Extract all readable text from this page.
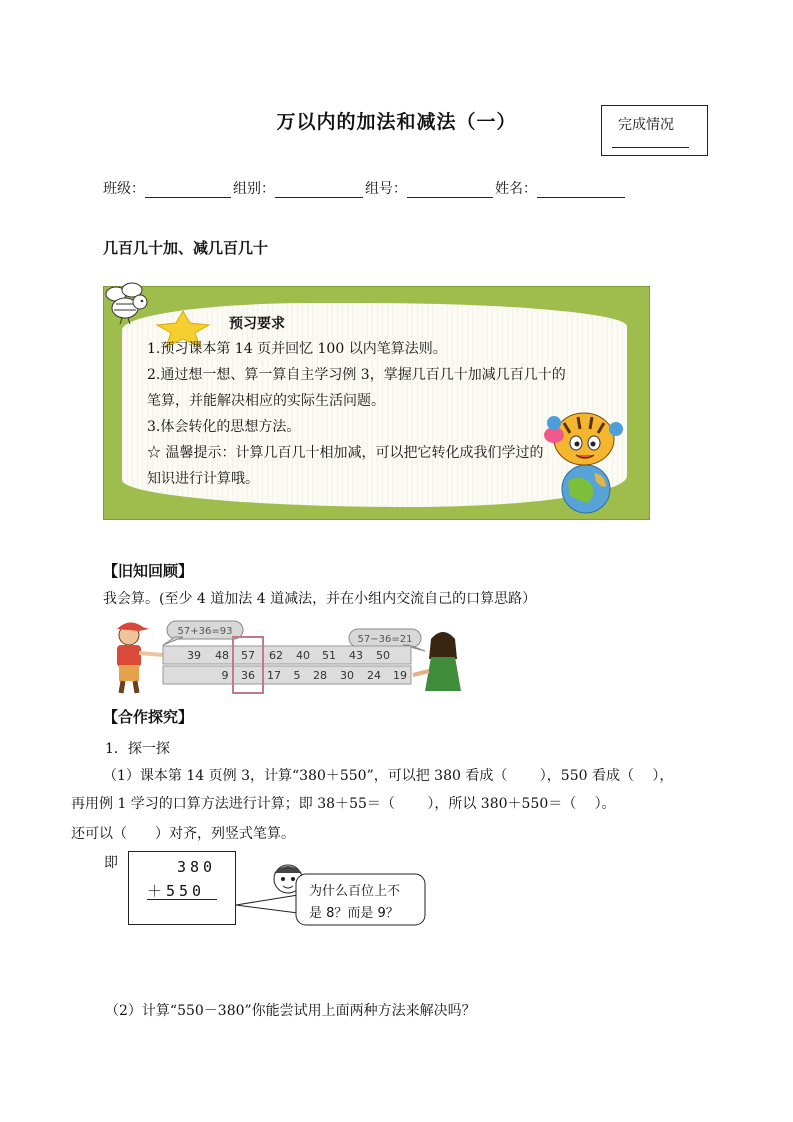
万以内的加法和减法（一）	完成情况
班级：	组别：	组号：	姓名：
几百几十加、减几百几十
预习要求
1.预习课本第 14 页并回忆 100 以内笔算法则。
2.通过想一想、算一算自主学习例 3，掌握几百几十加减几百几十的
笔算，并能解决相应的实际生活问题。
3.体会转化的思想方法。
☆ 温馨提示：计算几百几十相加减，可以把它转化成我们学过的
知识进行计算哦。
【旧知回顾】
我会算。(至少 4 道加法 4 道减法，并在小组内交流自己的口算思路）
57+36=93
57−36=21
39 48 57 62 40 51 43 50
9 36 17 5 28 30 24 19
【合作探究】
1．探一探
（1）课本第 14 页例 3，计算“380＋550”，可以把 380 看成（　　 ），550 看成（　 ），
再用例 1 学习的口算方法进行计算；即 38＋55＝（　　 ），所以 380＋550＝（　 ）。
还可以（　　）对齐，列竖式笔算。
即	380
＋550	为什么百位上不
是 8？而是 9？
（2）计算“550－380”你能尝试用上面两种方法来解决吗？
